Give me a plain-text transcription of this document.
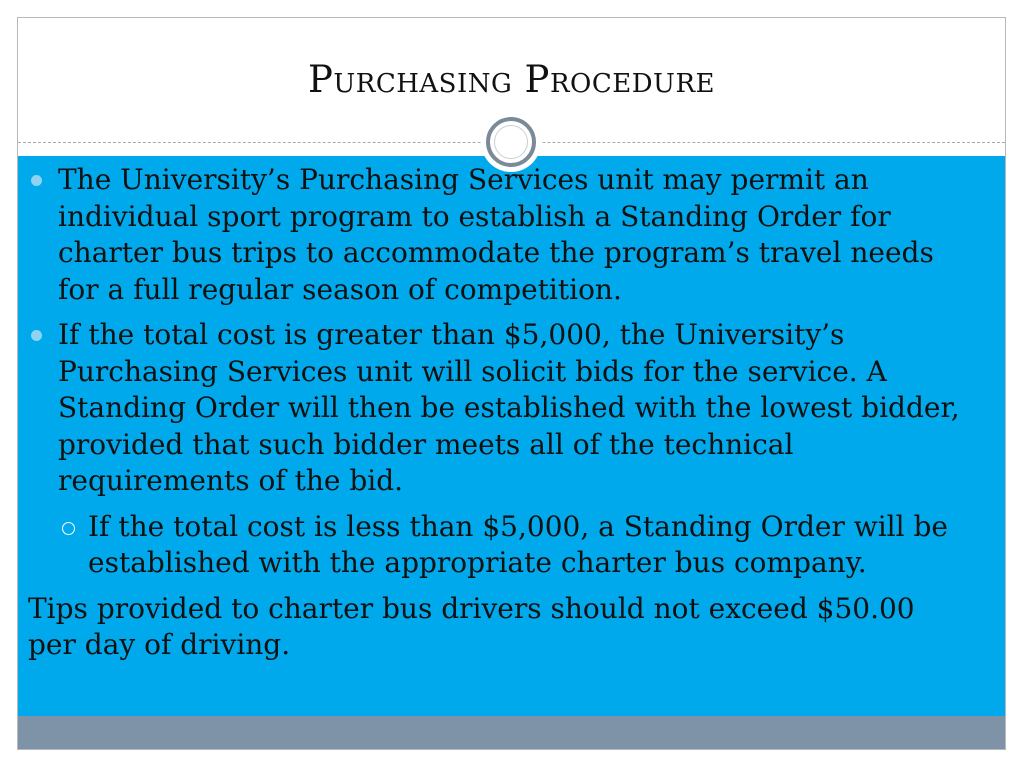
Purchasing Procedure
The University’s Purchasing Services unit may permit an individual sport program to establish a Standing Order for charter bus trips to accommodate the program’s travel needs for a full regular season of competition.
If the total cost is greater than $5,000, the University’s Purchasing Services unit will solicit bids for the service. A Standing Order will then be established with the lowest bidder, provided that such bidder meets all of the technical requirements of the bid.
If the total cost is less than $5,000, a Standing Order will be established with the appropriate charter bus company.
Tips provided to charter bus drivers should not exceed $50.00 per day of driving.
